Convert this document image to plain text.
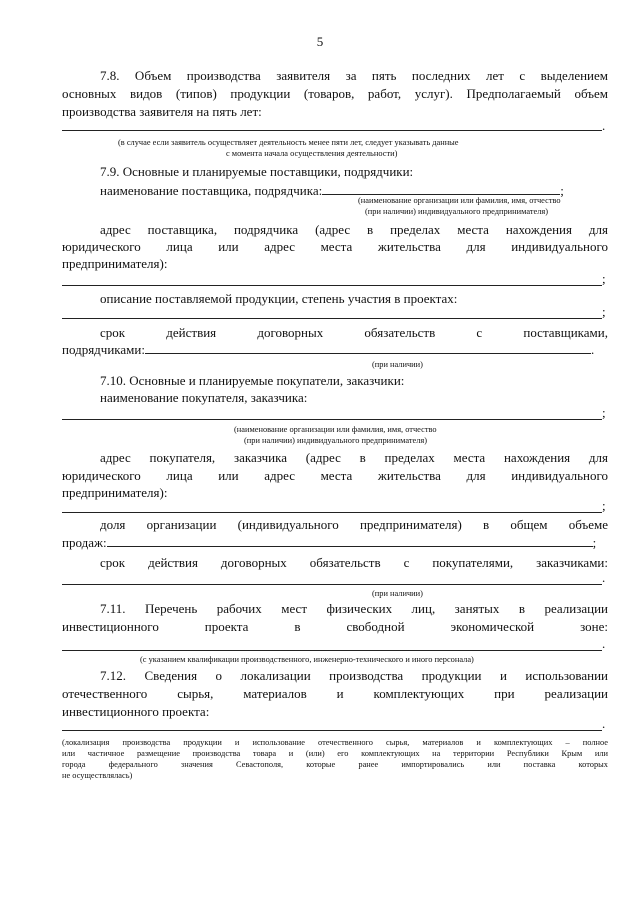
5
7.8. Объем производства заявителя за пять последних лет с выделением
основных видов (типов) продукции (товаров, работ, услуг). Предполагаемый объем
производства заявителя на пять лет:
.
(в случае если заявитель осуществляет деятельность менее пяти лет, следует указывать данные
с момента начала осуществления деятельности)
7.9. Основные и планируемые поставщики, подрядчики:
наименование поставщика, подрядчика:	;
(наименование организации или фамилия, имя, отчество
(при наличии) индивидуального предпринимателя)
адрес поставщика, подрядчика (адрес в пределах места нахождения для
юридического лица или адрес места жительства для индивидуального
предпринимателя):
;
описание поставляемой продукции, степень участия в проектах:
;
срок действия договорных обязательств с поставщиками,
подрядчиками:	.
(при наличии)
7.10. Основные и планируемые покупатели, заказчики:
наименование покупателя, заказчика:
;
(наименование организации или фамилия, имя, отчество
(при наличии) индивидуального предпринимателя)
адрес покупателя, заказчика (адрес в пределах места нахождения для
юридического лица или адрес места жительства для индивидуального
предпринимателя):
;
доля организации (индивидуального предпринимателя) в общем объеме
продаж:	;
срок действия договорных обязательств с покупателями, заказчиками:
.
(при наличии)
7.11. Перечень рабочих мест физических лиц, занятых в реализации
инвестиционного проекта в свободной экономической зоне:
.
(с указанием квалификации производственного, инженерно-технического и иного персонала)
7.12. Сведения о локализации производства продукции и использовании
отечественного сырья, материалов и комплектующих при реализации
инвестиционного проекта:
.
(локализация производства продукции и использование отечественного сырья, материалов и комплектующих – полное
или частичное размещение производства товара и (или) его комплектующих на территории Республики Крым или
города федерального значения Севастополя, которые ранее импортировались или поставка которых
не осуществлялась)
